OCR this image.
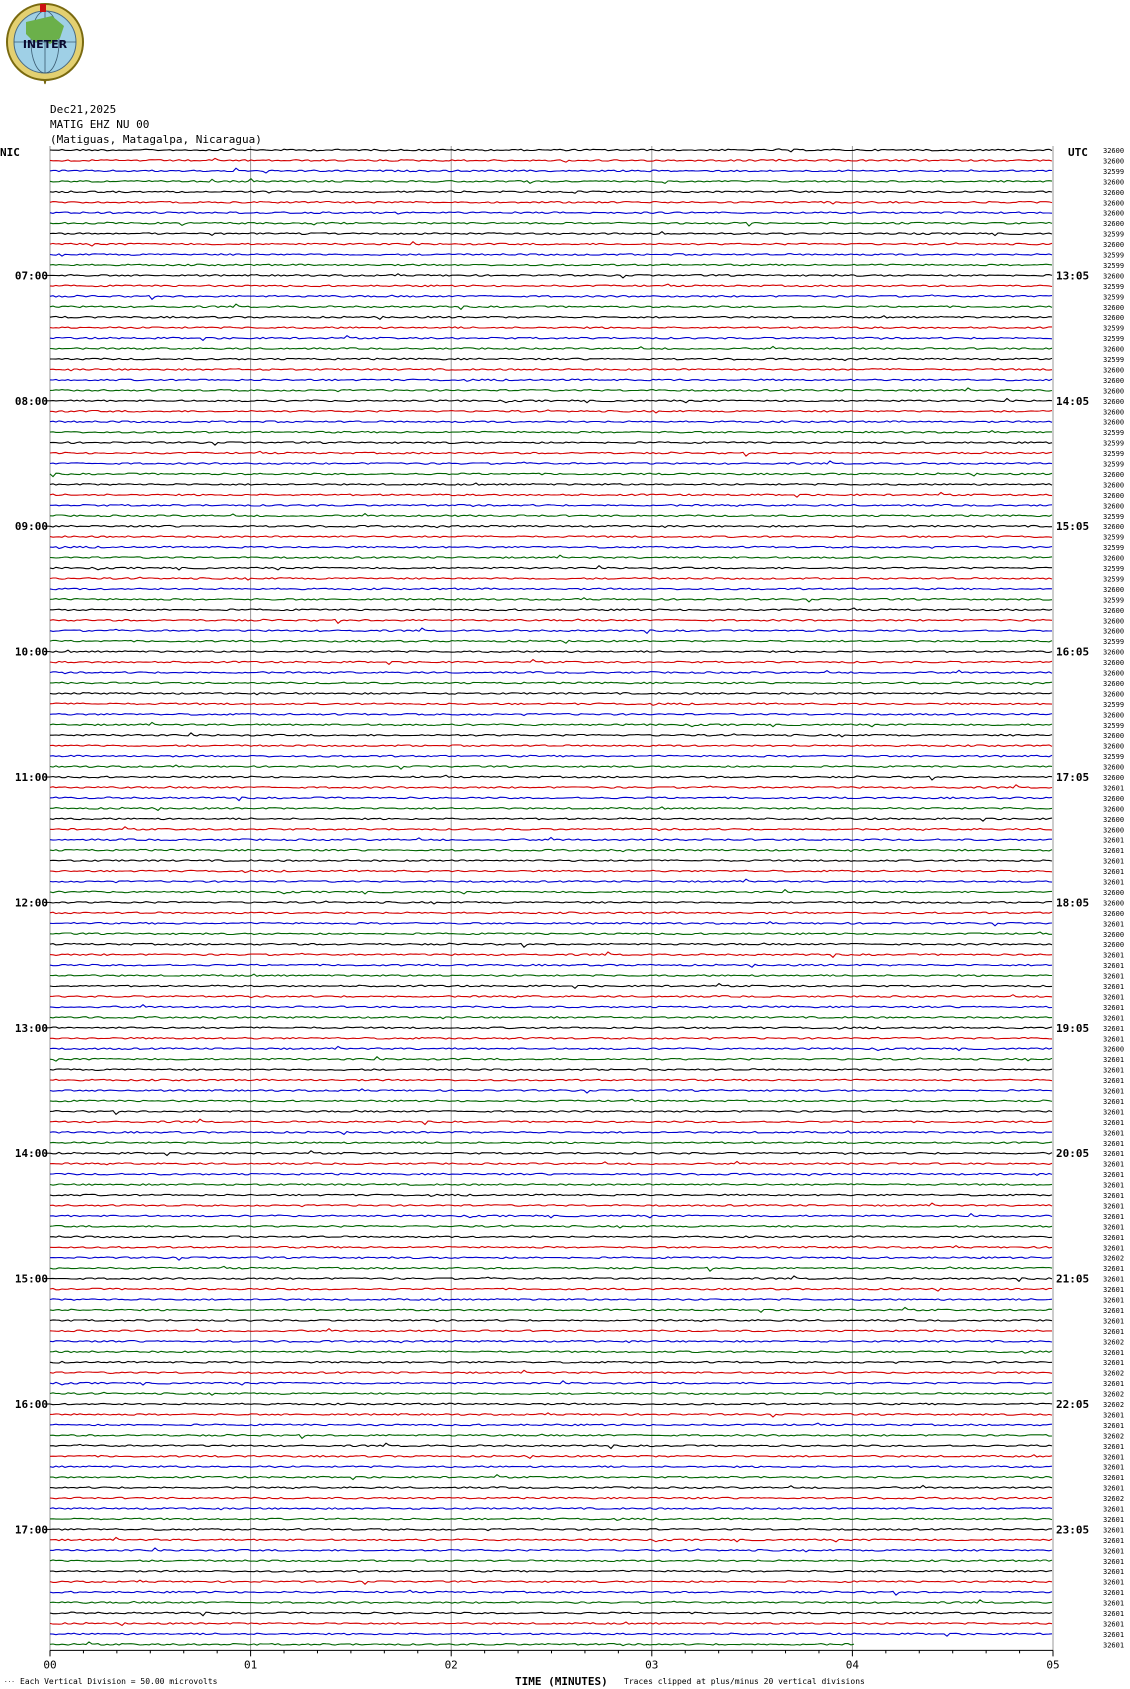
INETER
Dec21,2025
MATIG EHZ NU 00
(Matiguas, Matagalpa, Nicaragua)
NIC	UTC
00	01	02	03	04	05
32600
32600
32599
32600
32600
32600
32600
32600
32599
32600
32599
32599
32600
32599
32599
32600
32600
32599
32599
32600
32599
32600
32600
32600
32600
32600
32600
32599
32599
32599
32599
32600
32600
32600
32600
32599
32600
32599
32599
32600
32599
32599
32600
32599
32600
32600
32600
32599
32600
32600
32600
32600
32600
32599
32600
32599
32600
32600
32599
32600
32600
32601
32600
32600
32600
32600
32601
32601
32601
32601
32601
32600
32600
32600
32601
32600
32600
32601
32601
32601
32601
32601
32601
32601
32601
32601
32600
32601
32601
32601
32601
32601
32601
32601
32601
32601
32601
32601
32601
32601
32601
32601
32601
32601
32601
32601
32602
32601
32601
32601
32601
32601
32601
32601
32602
32601
32601
32602
32601
32602
32602
32601
32601
32602
32601
32601
32601
32601
32601
32602
32601
32601
32601
32601
32601
32601
32601
32601
32601
32601
32601
32601
32601
32601
07:00
08:00
09:00
10:00
11:00
12:00
13:00
14:00
15:00
16:00
17:00
13:05
14:05
15:05
16:05
17:05
18:05
19:05
20:05
21:05
22:05
23:05
... Each Vertical Division = 50.00 microvolts	TIME (MINUTES) Traces clipped at plus/minus 20 vertical divisions
